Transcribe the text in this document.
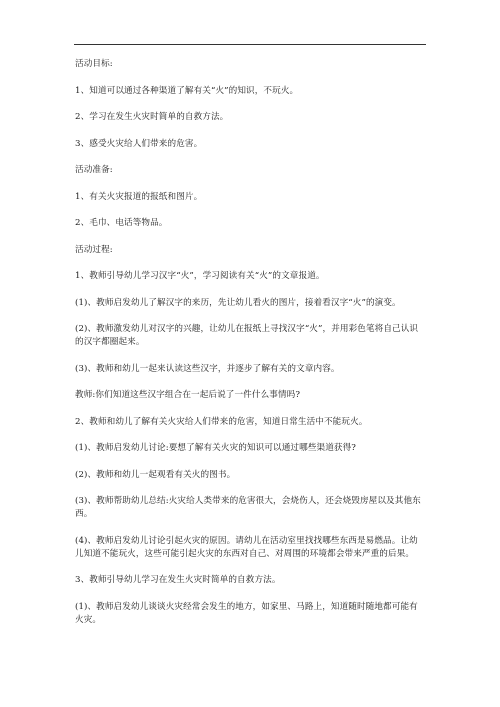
活动目标:

1、知道可以通过各种渠道了解有关“火”的知识，不玩火。

2、学习在发生火灾时简单的自救方法。

3、感受火灾给人们带来的危害。

活动准备:

1、有关火灾报道的报纸和图片。

2、毛巾、电话等物品。

活动过程:

1、教师引导幼儿学习汉字“火”，学习阅读有关“火”的文章报道。

(1)、教师启发幼儿了解汉字的来历，先让幼儿看火的图片，接着看汉字“火”的演变。

(2)、教师激发幼儿对汉字的兴趣，让幼儿在报纸上寻找汉字“火”，并用彩色笔将自己认识的汉字都圈起来。

(3)、教师和幼儿一起来认读这些汉字，并逐步了解有关的文章内容。

教师:你们知道这些汉字组合在一起后说了一件什么事情吗?

2、教师和幼儿了解有关火灾给人们带来的危害，知道日常生活中不能玩火。

(1)、教师启发幼儿讨论:要想了解有关火灾的知识可以通过哪些渠道获得?

(2)、教师和幼儿一起观看有关火的图书。

(3)、教师帮助幼儿总结:火灾给人类带来的危害很大，会烧伤人，还会烧毁房屋以及其他东西。

(4)、教师启发幼儿讨论引起火灾的原因。请幼儿在活动室里找找哪些东西是易燃品。让幼儿知道不能玩火，这些可能引起火灾的东西对自己、对周围的环境都会带来严重的后果。

3、教师引导幼儿学习在发生火灾时简单的自救方法。

(1)、教师启发幼儿谈谈火灾经常会发生的地方，如家里、马路上，知道随时随地都可能有火灾。
